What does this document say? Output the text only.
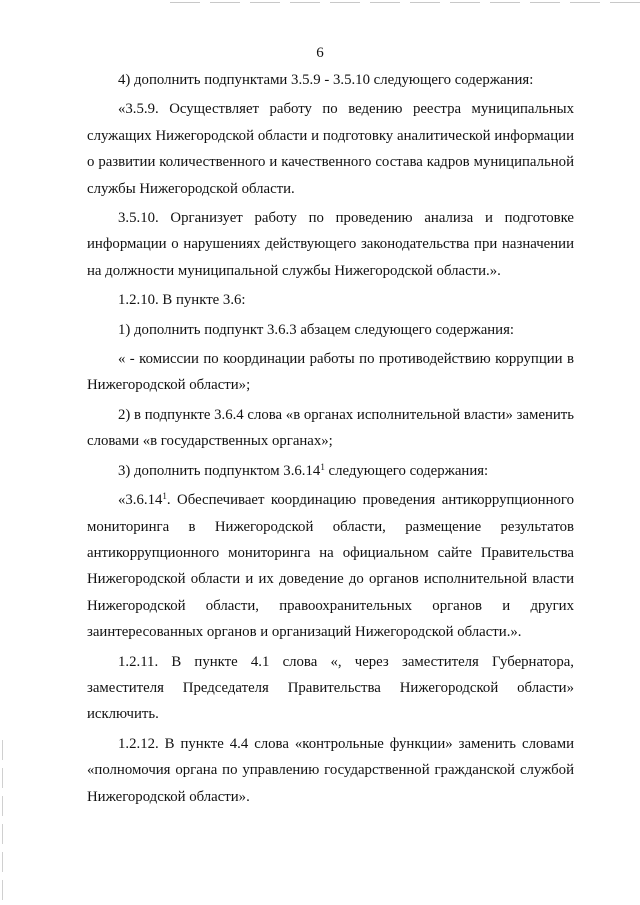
6

4) дополнить подпунктами 3.5.9 - 3.5.10 следующего содержания:

«3.5.9. Осуществляет работу по ведению реестра муниципальных служащих Нижегородской области и подготовку аналитической информации о развитии количественного и качественного состава кадров муниципальной службы Нижегородской области.

3.5.10. Организует работу по проведению анализа и подготовке информации о нарушениях действующего законодательства при назначении на должности муниципальной службы Нижегородской области.».

1.2.10. В пункте 3.6:

1) дополнить подпункт 3.6.3 абзацем следующего содержания:

« - комиссии по координации работы по противодействию коррупции в Нижегородской области»;

2) в подпункте 3.6.4 слова «в органах исполнительной власти» заменить словами «в государственных органах»;

3) дополнить подпунктом 3.6.14$^1$ следующего содержания:

«3.6.14$^1$. Обеспечивает координацию проведения антикоррупционного мониторинга в Нижегородской области, размещение результатов антикоррупционного мониторинга на официальном сайте Правительства Нижегородской области и их доведение до органов исполнительной власти Нижегородской области, правоохранительных органов и других заинтересованных органов и организаций Нижегородской области.».

1.2.11. В пункте 4.1 слова «, через заместителя Губернатора, заместителя Председателя Правительства Нижегородской области» исключить.

1.2.12. В пункте 4.4 слова «контрольные функции» заменить словами «полномочия органа по управлению государственной гражданской службой Нижегородской области».
